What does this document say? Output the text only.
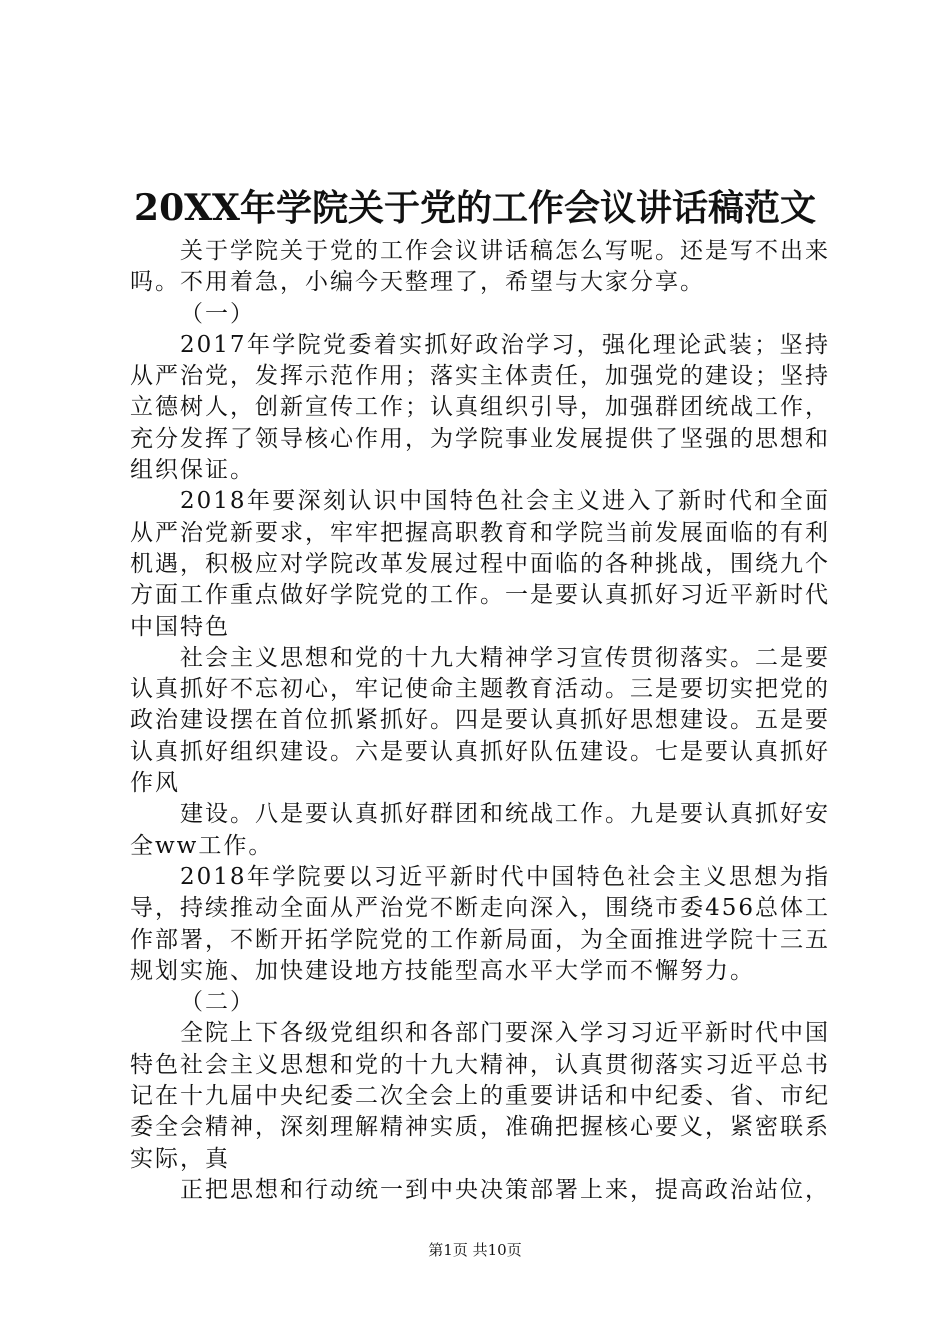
20XX年学院关于党的工作会议讲话稿范文

关于学院关于党的工作会议讲话稿怎么写呢。还是写不出来吗。不用着急，小编今天整理了，希望与大家分享。

（一）

2017年学院党委着实抓好政治学习，强化理论武装；坚持从严治党，发挥示范作用；落实主体责任，加强党的建设；坚持立德树人，创新宣传工作；认真组织引导，加强群团统战工作，充分发挥了领导核心作用，为学院事业发展提供了坚强的思想和组织保证。

2018年要深刻认识中国特色社会主义进入了新时代和全面从严治党新要求，牢牢把握高职教育和学院当前发展面临的有利机遇，积极应对学院改革发展过程中面临的各种挑战，围绕九个方面工作重点做好学院党的工作。一是要认真抓好习近平新时代中国特色

社会主义思想和党的十九大精神学习宣传贯彻落实。二是要认真抓好不忘初心，牢记使命主题教育活动。三是要切实把党的政治建设摆在首位抓紧抓好。四是要认真抓好思想建设。五是要认真抓好组织建设。六是要认真抓好队伍建设。七是要认真抓好作风

建设。八是要认真抓好群团和统战工作。九是要认真抓好安全ww工作。

2018年学院要以习近平新时代中国特色社会主义思想为指导，持续推动全面从严治党不断走向深入，围绕市委456总体工作部署，不断开拓学院党的工作新局面，为全面推进学院十三五规划实施、加快建设地方技能型高水平大学而不懈努力。

（二）

全院上下各级党组织和各部门要深入学习习近平新时代中国特色社会主义思想和党的十九大精神，认真贯彻落实习近平总书记在十九届中央纪委二次全会上的重要讲话和中纪委、省、市纪委全会精神，深刻理解精神实质，准确把握核心要义，紧密联系实际，真

正把思想和行动统一到中央决策部署上来，提高政治站位，

第1页 共10页
